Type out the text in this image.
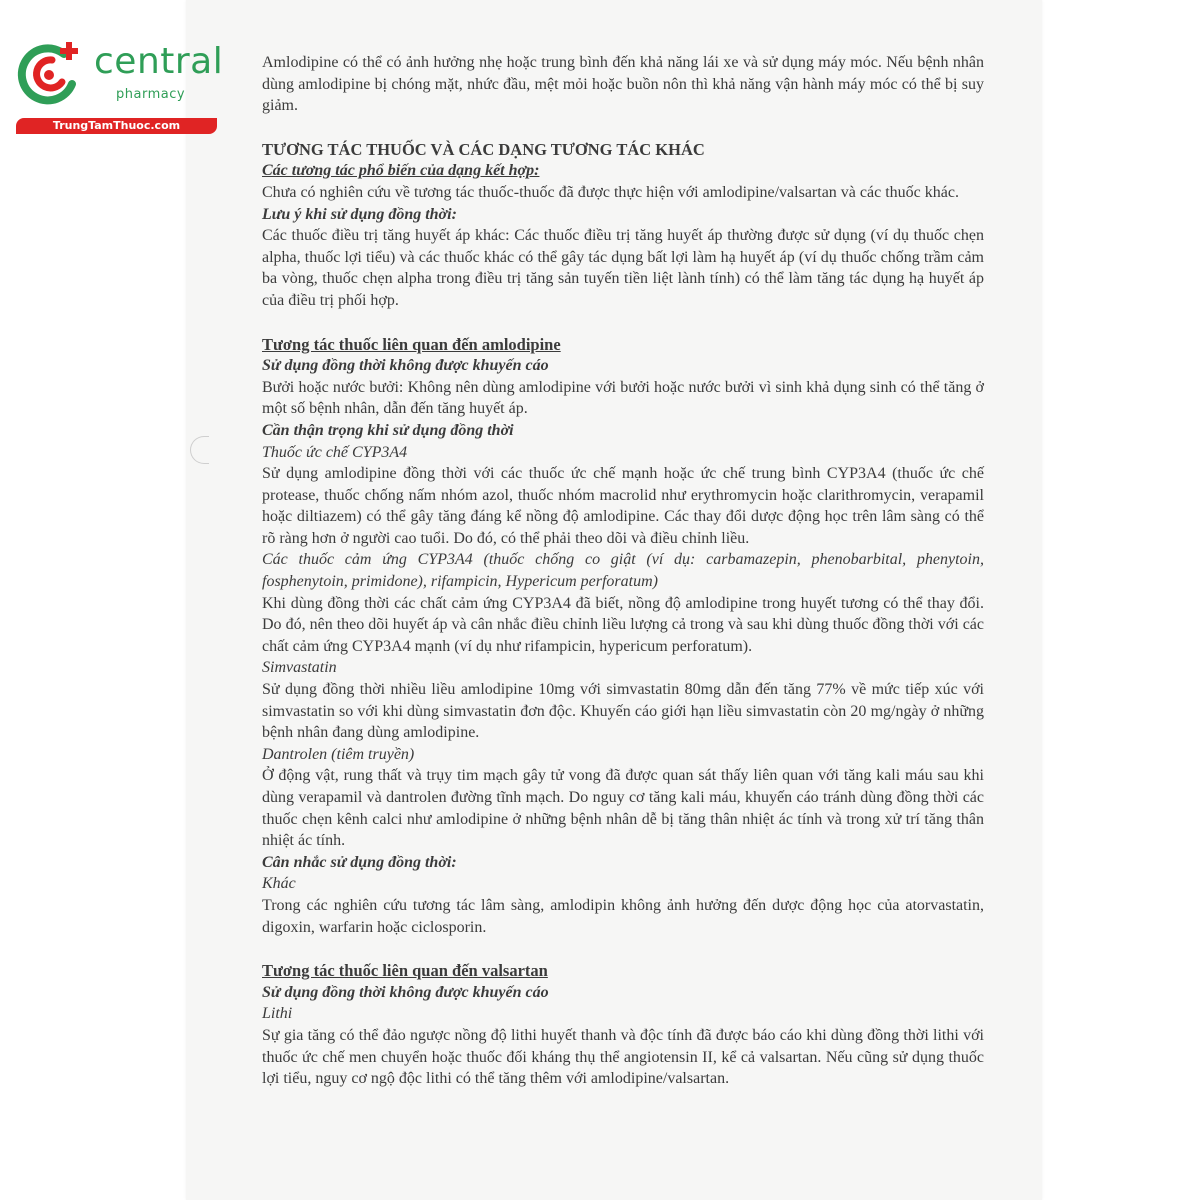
central
pharmacy
TrungTamThuoc.com

Amlodipine có thể có ảnh hưởng nhẹ hoặc trung bình đến khả năng lái xe và sử dụng máy móc. Nếu bệnh nhân dùng amlodipine bị chóng mặt, nhức đầu, mệt mỏi hoặc buồn nôn thì khả năng vận hành máy móc có thể bị suy giảm.

TƯƠNG TÁC THUỐC VÀ CÁC DẠNG TƯƠNG TÁC KHÁC
Các tương tác phổ biến của dạng kết hợp:

Chưa có nghiên cứu về tương tác thuốc-thuốc đã được thực hiện với amlodipine/valsartan và các thuốc khác.

Lưu ý khi sử dụng đồng thời:

Các thuốc điều trị tăng huyết áp khác: Các thuốc điều trị tăng huyết áp thường được sử dụng (ví dụ thuốc chẹn alpha, thuốc lợi tiểu) và các thuốc khác có thể gây tác dụng bất lợi làm hạ huyết áp (ví dụ thuốc chống trầm cảm ba vòng, thuốc chẹn alpha trong điều trị tăng sản tuyến tiền liệt lành tính) có thể làm tăng tác dụng hạ huyết áp của điều trị phối hợp.

Tương tác thuốc liên quan đến amlodipine
Sử dụng đồng thời không được khuyến cáo

Bưởi hoặc nước bưởi: Không nên dùng amlodipine với bưởi hoặc nước bưởi vì sinh khả dụng sinh có thể tăng ở một số bệnh nhân, dẫn đến tăng huyết áp.

Cần thận trọng khi sử dụng đồng thời
Thuốc ức chế CYP3A4

Sử dụng amlodipine đồng thời với các thuốc ức chế mạnh hoặc ức chế trung bình CYP3A4 (thuốc ức chế protease, thuốc chống nấm nhóm azol, thuốc nhóm macrolid như erythromycin hoặc clarithromycin, verapamil hoặc diltiazem) có thể gây tăng đáng kể nồng độ amlodipine. Các thay đổi dược động học trên lâm sàng có thể rõ ràng hơn ở người cao tuổi. Do đó, có thể phải theo dõi và điều chỉnh liều.

Các thuốc cảm ứng CYP3A4 (thuốc chống co giật (ví dụ: carbamazepin, phenobarbital, phenytoin, fosphenytoin, primidone), rifampicin, Hypericum perforatum)

Khi dùng đồng thời các chất cảm ứng CYP3A4 đã biết, nồng độ amlodipine trong huyết tương có thể thay đổi. Do đó, nên theo dõi huyết áp và cân nhắc điều chỉnh liều lượng cả trong và sau khi dùng thuốc đồng thời với các chất cảm ứng CYP3A4 mạnh (ví dụ như rifampicin, hypericum perforatum).

Simvastatin

Sử dụng đồng thời nhiều liều amlodipine 10mg với simvastatin 80mg dẫn đến tăng 77% về mức tiếp xúc với simvastatin so với khi dùng simvastatin đơn độc. Khuyến cáo giới hạn liều simvastatin còn 20 mg/ngày ở những bệnh nhân đang dùng amlodipine.

Dantrolen (tiêm truyền)

Ở động vật, rung thất và trụy tim mạch gây tử vong đã được quan sát thấy liên quan với tăng kali máu sau khi dùng verapamil và dantrolen đường tĩnh mạch. Do nguy cơ tăng kali máu, khuyến cáo tránh dùng đồng thời các thuốc chẹn kênh calci như amlodipine ở những bệnh nhân dễ bị tăng thân nhiệt ác tính và trong xử trí tăng thân nhiệt ác tính.

Cân nhắc sử dụng đồng thời:
Khác

Trong các nghiên cứu tương tác lâm sàng, amlodipin không ảnh hưởng đến dược động học của atorvastatin, digoxin, warfarin hoặc ciclosporin.

Tương tác thuốc liên quan đến valsartan
Sử dụng đồng thời không được khuyến cáo
Lithi

Sự gia tăng có thể đảo ngược nồng độ lithi huyết thanh và độc tính đã được báo cáo khi dùng đồng thời lithi với thuốc ức chế men chuyển hoặc thuốc đối kháng thụ thể angiotensin II, kể cả valsartan. Nếu cũng sử dụng thuốc lợi tiểu, nguy cơ ngộ độc lithi có thể tăng thêm với amlodipine/valsartan.
